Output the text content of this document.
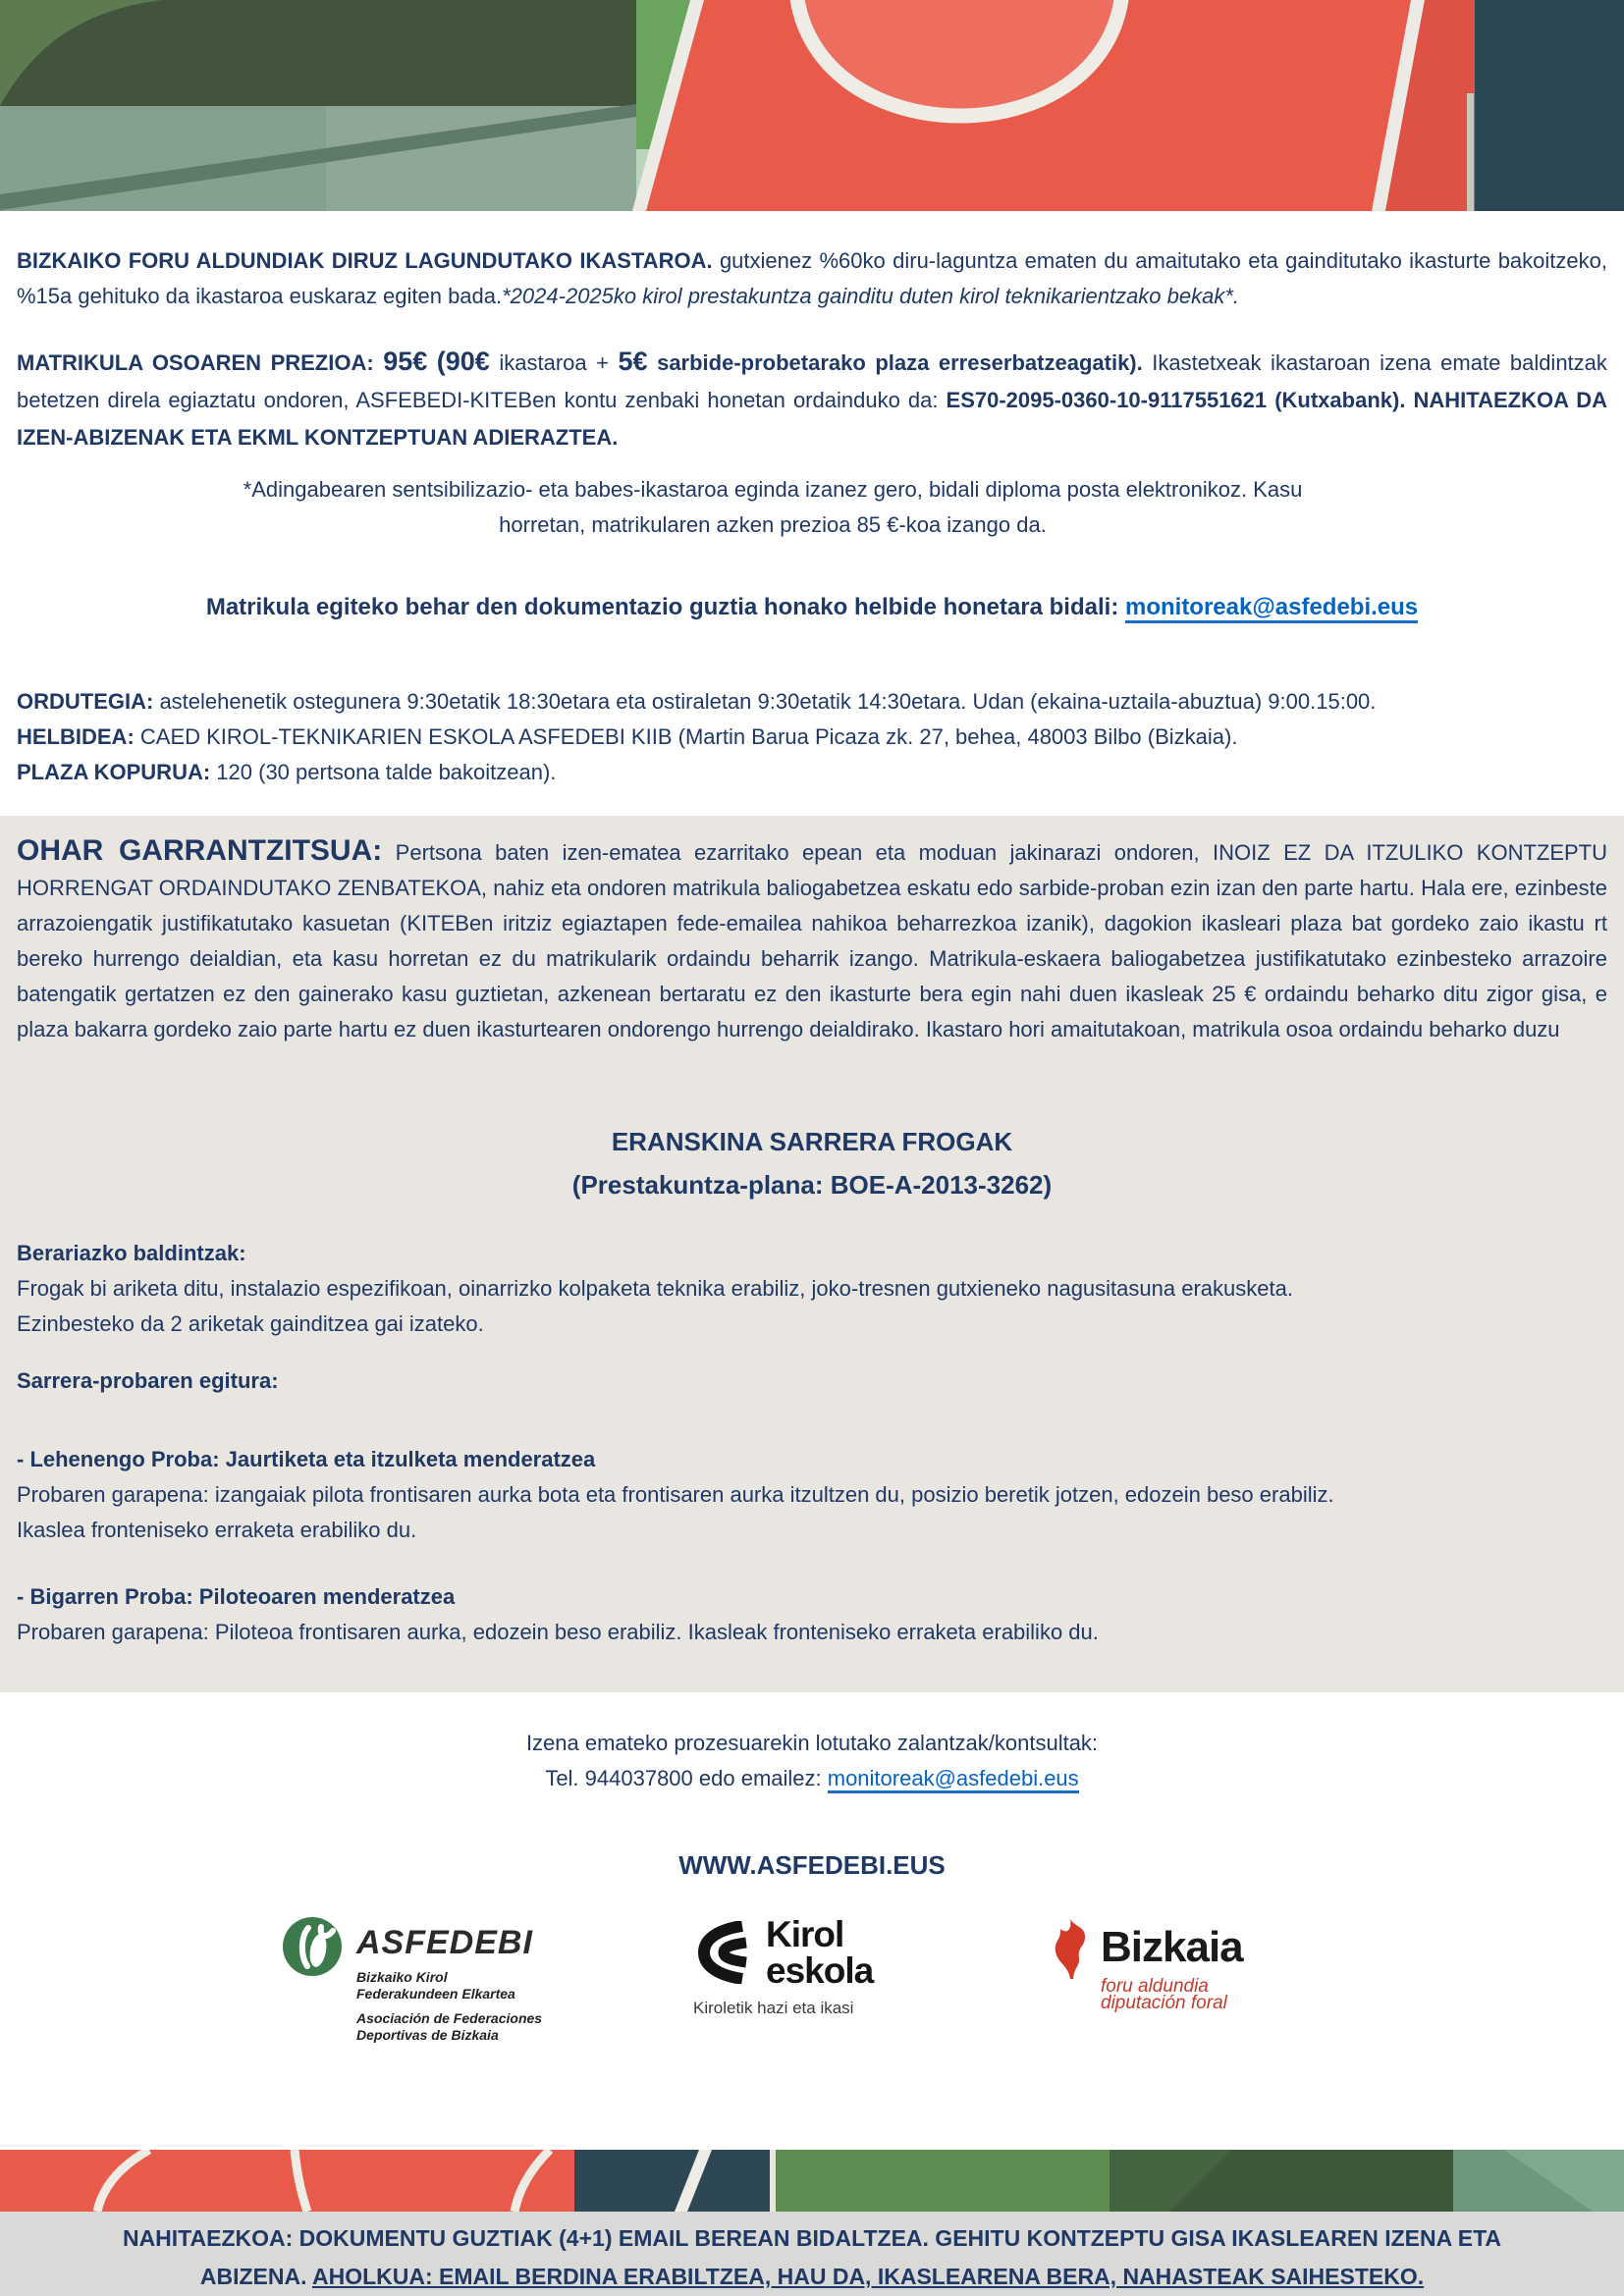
BIZKAIKO FORU ALDUNDIAK DIRUZ LAGUNDUTAKO IKASTAROA. gutxienez %60ko diru-laguntza ematen du amaitutako eta gainditutako ikasturte bakoitzeko, %15a gehituko da ikastaroa euskaraz egiten bada.*2024-2025ko kirol prestakuntza gainditu duten kirol teknikarientzako bekak*.

MATRIKULA OSOAREN PREZIOA: 95€ (90€ ikastaroa + 5€ sarbide-probetarako plaza erreserbatzeagatik). Ikastetxeak ikastaroan izena emate baldintzak betetzen direla egiaztatu ondoren, ASFEBEDI-KITEBen kontu zenbaki honetan ordainduko da: ES70-2095-0360-10-9117551621 (Kutxabank). NAHITAEZKOA DA IZEN-ABIZENAK ETA EKML KONTZEPTUAN ADIERAZTEA.

*Adingabearen sentsibilizazio- eta babes-ikastaroa eginda izanez gero, bidali diploma posta elektronikoz. Kasu horretan, matrikularen azken prezioa 85 €-koa izango da.

Matrikula egiteko behar den dokumentazio guztia honako helbide honetara bidali: monitoreak@asfedebi.eus

ORDUTEGIA: astelehenetik ostegunera 9:30etatik 18:30etara eta ostiraletan 9:30etatik 14:30etara. Udan (ekaina-uztaila-abuztua) 9:00.15:00.

HELBIDEA: CAED KIROL-TEKNIKARIEN ESKOLA ASFEDEBI KIIB (Martin Barua Picaza zk. 27, behea, 48003 Bilbo (Bizkaia).

PLAZA KOPURUA: 120 (30 pertsona talde bakoitzean).

OHAR GARRANTZITSUA: Pertsona baten izen-ematea ezarritako epean eta moduan jakinarazi ondoren, INOIZ EZ DA ITZULIKO KONTZEPTU HORRENGAT ORDAINDUTAKO ZENBATEKOA, nahiz eta ondoren matrikula baliogabetzea eskatu edo sarbide-proban ezin izan den parte hartu. Hala ere, ezinbeste arrazoiengatik justifikatutako kasuetan (KITEBen iritziz egiaztapen fede-emailea nahikoa beharrezkoa izanik), dagokion ikasleari plaza bat gordeko zaio ikastu rt bereko hurrengo deialdian, eta kasu horretan ez du matrikularik ordaindu beharrik izango. Matrikula-eskaera baliogabetzea justifikatutako ezinbesteko arrazoire batengatik gertatzen ez den gainerako kasu guztietan, azkenean bertaratu ez den ikasturte bera egin nahi duen ikasleak 25 € ordaindu beharko ditu zigor gisa, e plaza bakarra gordeko zaio parte hartu ez duen ikasturtearen ondorengo hurrengo deialdirako. Ikastaro hori amaitutakoan, matrikula osoa ordaindu beharko duzu

ERANSKINA SARRERA FROGAK

(Prestakuntza-plana: BOE-A-2013-3262)

Berariazko baldintzak:

Frogak bi ariketa ditu, instalazio espezifikoan, oinarrizko kolpaketa teknika erabiliz, joko-tresnen gutxieneko nagusitasuna erakusketa.

Ezinbesteko da 2 ariketak gainditzea gai izateko.

Sarrera-probaren egitura:

- Lehenengo Proba: Jaurtiketa eta itzulketa menderatzea

Probaren garapena: izangaiak pilota frontisaren aurka bota eta frontisaren aurka itzultzen du, posizio beretik jotzen, edozein beso erabiliz.

Ikaslea fronteniseko erraketa erabiliko du.

- Bigarren Proba: Piloteoaren menderatzea

Probaren garapena: Piloteoa frontisaren aurka, edozein beso erabiliz. Ikasleak fronteniseko erraketa erabiliko du.

Izena emateko prozesuarekin lotutako zalantzak/kontsultak:

Tel. 944037800 edo emailez: monitoreak@asfedebi.eus

WWW.ASFEDEBI.EUS

ASFEDEBI
Bizkaiko Kirol
Federakundeen Elkartea
Asociación de Federaciones
Deportivas de Bizkaia
Kirol
eskola
Kiroletik hazi eta ikasi
Bizkaia
foru aldundia
diputación foral

NAHITAEZKOA: DOKUMENTU GUZTIAK (4+1) EMAIL BEREAN BIDALTZEA. GEHITU KONTZEPTU GISA IKASLEAREN IZENA ETA ABIZENA. AHOLKUA: EMAIL BERDINA ERABILTZEA, HAU DA, IKASLEARENA BERA, NAHASTEAK SAIHESTEKO.
